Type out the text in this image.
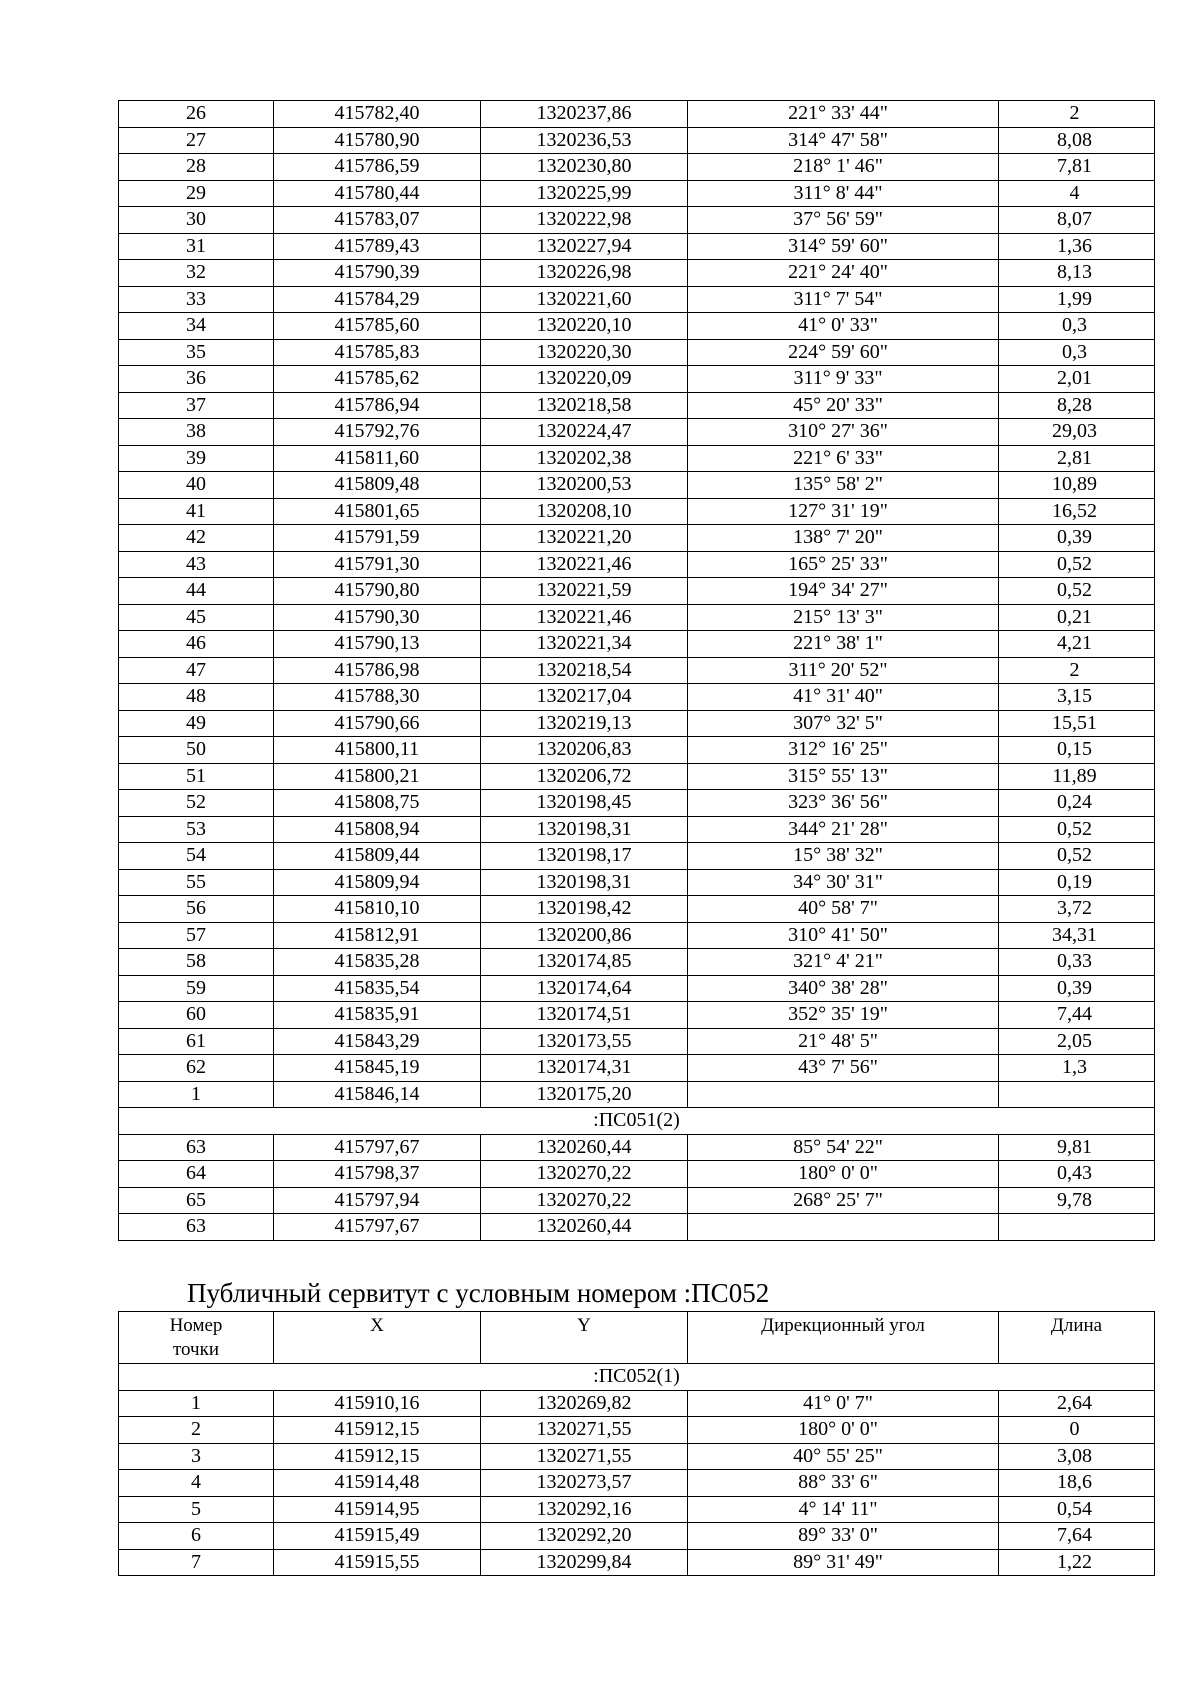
26	415782,40	1320237,86	221° 33' 44"	2
27	415780,90	1320236,53	314° 47' 58"	8,08
28	415786,59	1320230,80	218° 1' 46"	7,81
29	415780,44	1320225,99	311° 8' 44"	4
30	415783,07	1320222,98	37° 56' 59"	8,07
31	415789,43	1320227,94	314° 59' 60"	1,36
32	415790,39	1320226,98	221° 24' 40"	8,13
33	415784,29	1320221,60	311° 7' 54"	1,99
34	415785,60	1320220,10	41° 0' 33"	0,3
35	415785,83	1320220,30	224° 59' 60"	0,3
36	415785,62	1320220,09	311° 9' 33"	2,01
37	415786,94	1320218,58	45° 20' 33"	8,28
38	415792,76	1320224,47	310° 27' 36"	29,03
39	415811,60	1320202,38	221° 6' 33"	2,81
40	415809,48	1320200,53	135° 58' 2"	10,89
41	415801,65	1320208,10	127° 31' 19"	16,52
42	415791,59	1320221,20	138° 7' 20"	0,39
43	415791,30	1320221,46	165° 25' 33"	0,52
44	415790,80	1320221,59	194° 34' 27"	0,52
45	415790,30	1320221,46	215° 13' 3"	0,21
46	415790,13	1320221,34	221° 38' 1"	4,21
47	415786,98	1320218,54	311° 20' 52"	2
48	415788,30	1320217,04	41° 31' 40"	3,15
49	415790,66	1320219,13	307° 32' 5"	15,51
50	415800,11	1320206,83	312° 16' 25"	0,15
51	415800,21	1320206,72	315° 55' 13"	11,89
52	415808,75	1320198,45	323° 36' 56"	0,24
53	415808,94	1320198,31	344° 21' 28"	0,52
54	415809,44	1320198,17	15° 38' 32"	0,52
55	415809,94	1320198,31	34° 30' 31"	0,19
56	415810,10	1320198,42	40° 58' 7"	3,72
57	415812,91	1320200,86	310° 41' 50"	34,31
58	415835,28	1320174,85	321° 4' 21"	0,33
59	415835,54	1320174,64	340° 38' 28"	0,39
60	415835,91	1320174,51	352° 35' 19"	7,44
61	415843,29	1320173,55	21° 48' 5"	2,05
62	415845,19	1320174,31	43° 7' 56"	1,3
1	415846,14	1320175,20		
:ПС051(2)				
63	415797,67	1320260,44	85° 54' 22"	9,81
64	415798,37	1320270,22	180° 0' 0"	0,43
65	415797,94	1320270,22	268° 25' 7"	9,78
63	415797,67	1320260,44		
Публичный сервитут с условным номером :ПС052
Номер
точки	X	Y	Дирекционный угол	Длина
:ПС052(1)				
1	415910,16	1320269,82	41° 0' 7"	2,64
2	415912,15	1320271,55	180° 0' 0"	0
3	415912,15	1320271,55	40° 55' 25"	3,08
4	415914,48	1320273,57	88° 33' 6"	18,6
5	415914,95	1320292,16	4° 14' 11"	0,54
6	415915,49	1320292,20	89° 33' 0"	7,64
7	415915,55	1320299,84	89° 31' 49"	1,22
